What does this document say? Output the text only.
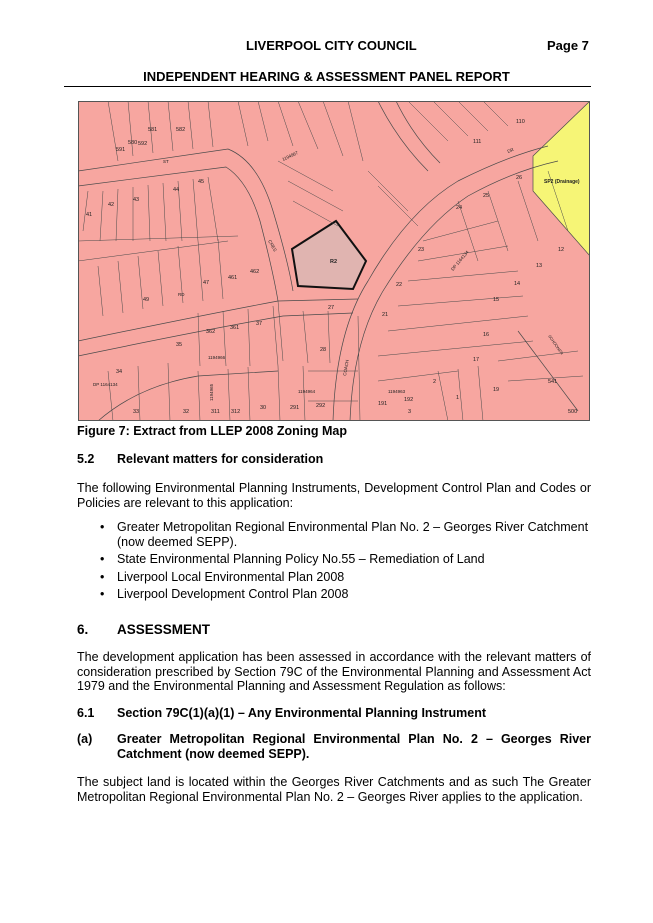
LIVERPOOL CITY COUNCIL	Page 7
INDEPENDENT HEARING & ASSESSMENT PANEL REPORT
SP2 (Drainage)
R2
DP 1164134
DP 1164134
1194967
1194966
1194963
1194964
1194965
COACH
CRES
DR
ST
RD
SCHOONER
580
581	582
591
592
311 312
291	292	191
192
461
462
361
362
541
500
27
28
30
32
33
34
35
37
41
42
43
44
45
47
49
12
13
14
15
16
17
19
21
22
23
24
25
26
110
111
1
2
3
Figure 7: Extract from LLEP 2008 Zoning Map
5.2 Relevant matters for consideration
The following Environmental Planning Instruments, Development Control Plan and Codes or Policies are relevant to this application:
• Greater Metropolitan Regional Environmental Plan No. 2 – Georges River Catchment (now deemed SEPP).
• State Environmental Planning Policy No.55 – Remediation of Land
• Liverpool Local Environmental Plan 2008
• Liverpool Development Control Plan 2008
6. ASSESSMENT
The development application has been assessed in accordance with the relevant matters of consideration prescribed by Section 79C of the Environmental Planning and Assessment Act 1979 and the Environmental Planning and Assessment Regulation as follows:
6.1 Section 79C(1)(a)(1) – Any Environmental Planning Instrument
(a) Greater Metropolitan Regional Environmental Plan No. 2 – Georges River Catchment (now deemed SEPP).
The subject land is located within the Georges River Catchments and as such The Greater Metropolitan Regional Environmental Plan No. 2 – Georges River applies to the application.
